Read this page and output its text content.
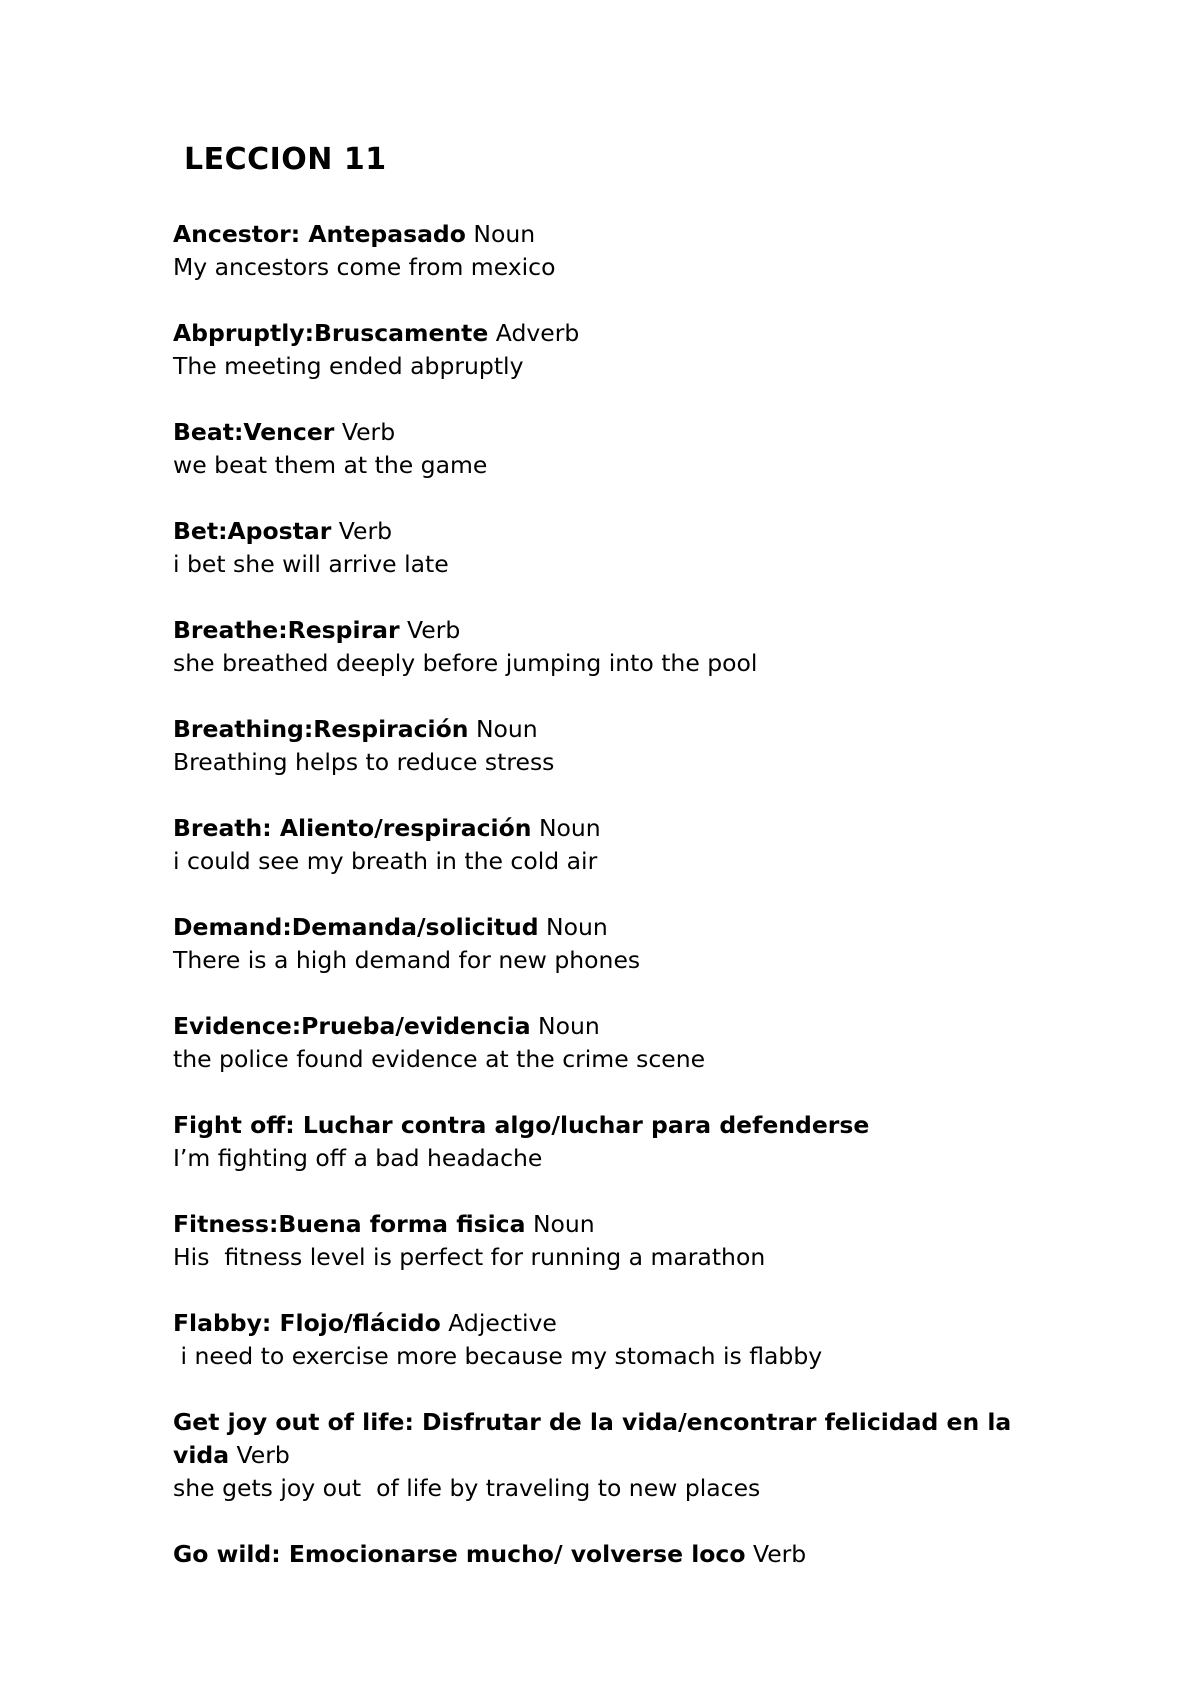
LECCION 11
Ancestor: Antepasado Noun
My ancestors come from mexico
Abpruptly:Bruscamente Adverb
The meeting ended abpruptly
Beat:Vencer Verb
we beat them at the game
Bet:Apostar Verb
i bet she will arrive late
Breathe:Respirar Verb
she breathed deeply before jumping into the pool
Breathing:Respiración Noun
Breathing helps to reduce stress
Breath: Aliento/respiración Noun
i could see my breath in the cold air
Demand:Demanda/solicitud Noun
There is a high demand for new phones
Evidence:Prueba/evidencia Noun
the police found evidence at the crime scene
Fight off: Luchar contra algo/luchar para defenderse
I’m fighting off a bad headache
Fitness:Buena forma fisica Noun
His  fitness level is perfect for running a marathon
Flabby: Flojo/flácido Adjective
i need to exercise more because my stomach is flabby
Get joy out of life: Disfrutar de la vida/encontrar felicidad en la vida Verb
she gets joy out  of life by traveling to new places
Go wild: Emocionarse mucho/ volverse loco Verb
